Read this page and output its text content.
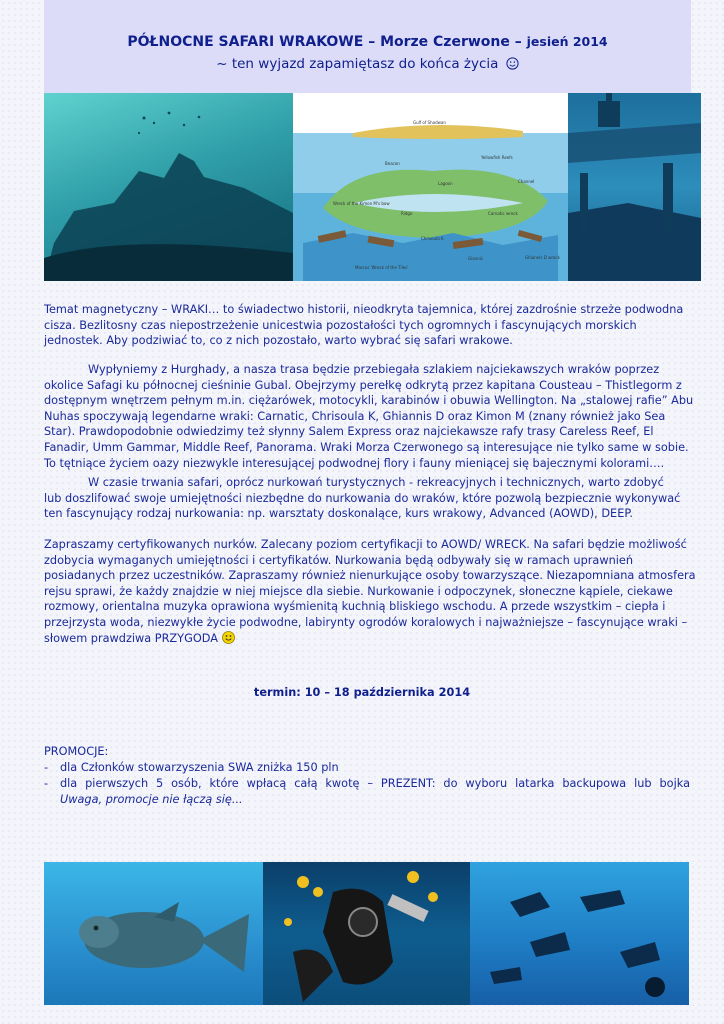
PÓŁNOCNE SAFARI WRAKOWE – Morze Czerwone – jesień 2014
~ ten wyjazd zapamiętasz do końca życia
Gulf of Shadwan
Yellowfish Reefs
Beacon
Lagoon
Wreck of the Kimon M's bow
Ridge	Carnatic wreck
Chrisoula K
Ghiannis D wreck
Marcus 'Wreck of the Tiles'
Giannis
Channel

Temat magnetyczny – WRAKI… to świadectwo historii, nieodkryta tajemnica, której zazdrośnie strzeże podwodna cisza. Bezlitosny czas niepostrzeżenie unicestwia pozostałości tych ogromnych i fascynujących morskich jednostek. Aby podziwiać to, co z nich pozostało, warto wybrać się safari wrakowe.

Wypłyniemy z Hurghady, a nasza trasa będzie przebiegała szlakiem najciekawszych wraków poprzez okolice Safagi ku północnej cieśninie Gubal. Obejrzymy perełkę odkrytą przez kapitana Cousteau – Thistlegorm z dostępnym wnętrzem pełnym m.in. ciężarówek, motocykli, karabinów i obuwia Wellington. Na „stalowej rafie” Abu Nuhas spoczywają legendarne wraki: Carnatic, Chrisoula K, Ghiannis D oraz Kimon M (znany również jako Sea Star). Prawdopodobnie odwiedzimy też słynny Salem Express oraz najciekawsze rafy trasy Careless Reef, El Fanadir, Umm Gammar, Middle Reef, Panorama. Wraki Morza Czerwonego są interesujące nie tylko same w sobie. To tętniące życiem oazy niezwykle interesującej podwodnej flory i fauny mieniącej się bajecznymi kolorami….

W czasie trwania safari, oprócz nurkowań turystycznych - rekreacyjnych i technicznych, warto zdobyć lub doszlifować swoje umiejętności niezbędne do nurkowania do wraków, które pozwolą bezpiecznie wykonywać ten fascynujący rodzaj nurkowania: np. warsztaty doskonalące, kurs wrakowy, Advanced (AOWD), DEEP.

Zapraszamy certyfikowanych nurków. Zalecany poziom certyfikacji to AOWD/ WRECK. Na safari będzie możliwość zdobycia wymaganych umiejętności i certyfikatów. Nurkowania będą odbywały się w ramach uprawnień posiadanych przez uczestników. Zapraszamy również nienurkujące osoby towarzyszące. Niezapomniana atmosfera rejsu sprawi, że każdy znajdzie w niej miejsce dla siebie. Nurkowanie i odpoczynek, słoneczne kąpiele, ciekawe rozmowy, orientalna muzyka oprawiona wyśmienitą kuchnią bliskiego wschodu. A przede wszystkim – ciepła i przejrzysta woda, niezwykłe życie podwodne, labirynty ogrodów koralowych i najważniejsze – fascynujące wraki – słowem prawdziwa PRZYGODA

termin: 10 – 18 października 2014
PROMOCJE:
-	dla Członków stowarzyszenia SWA zniżka 150 pln
-	dla pierwszych 5 osób, które wpłacą całą kwotę – PREZENT: do wyboru latarka backupowa lub bojka
Uwaga, promocje nie łączą się...
